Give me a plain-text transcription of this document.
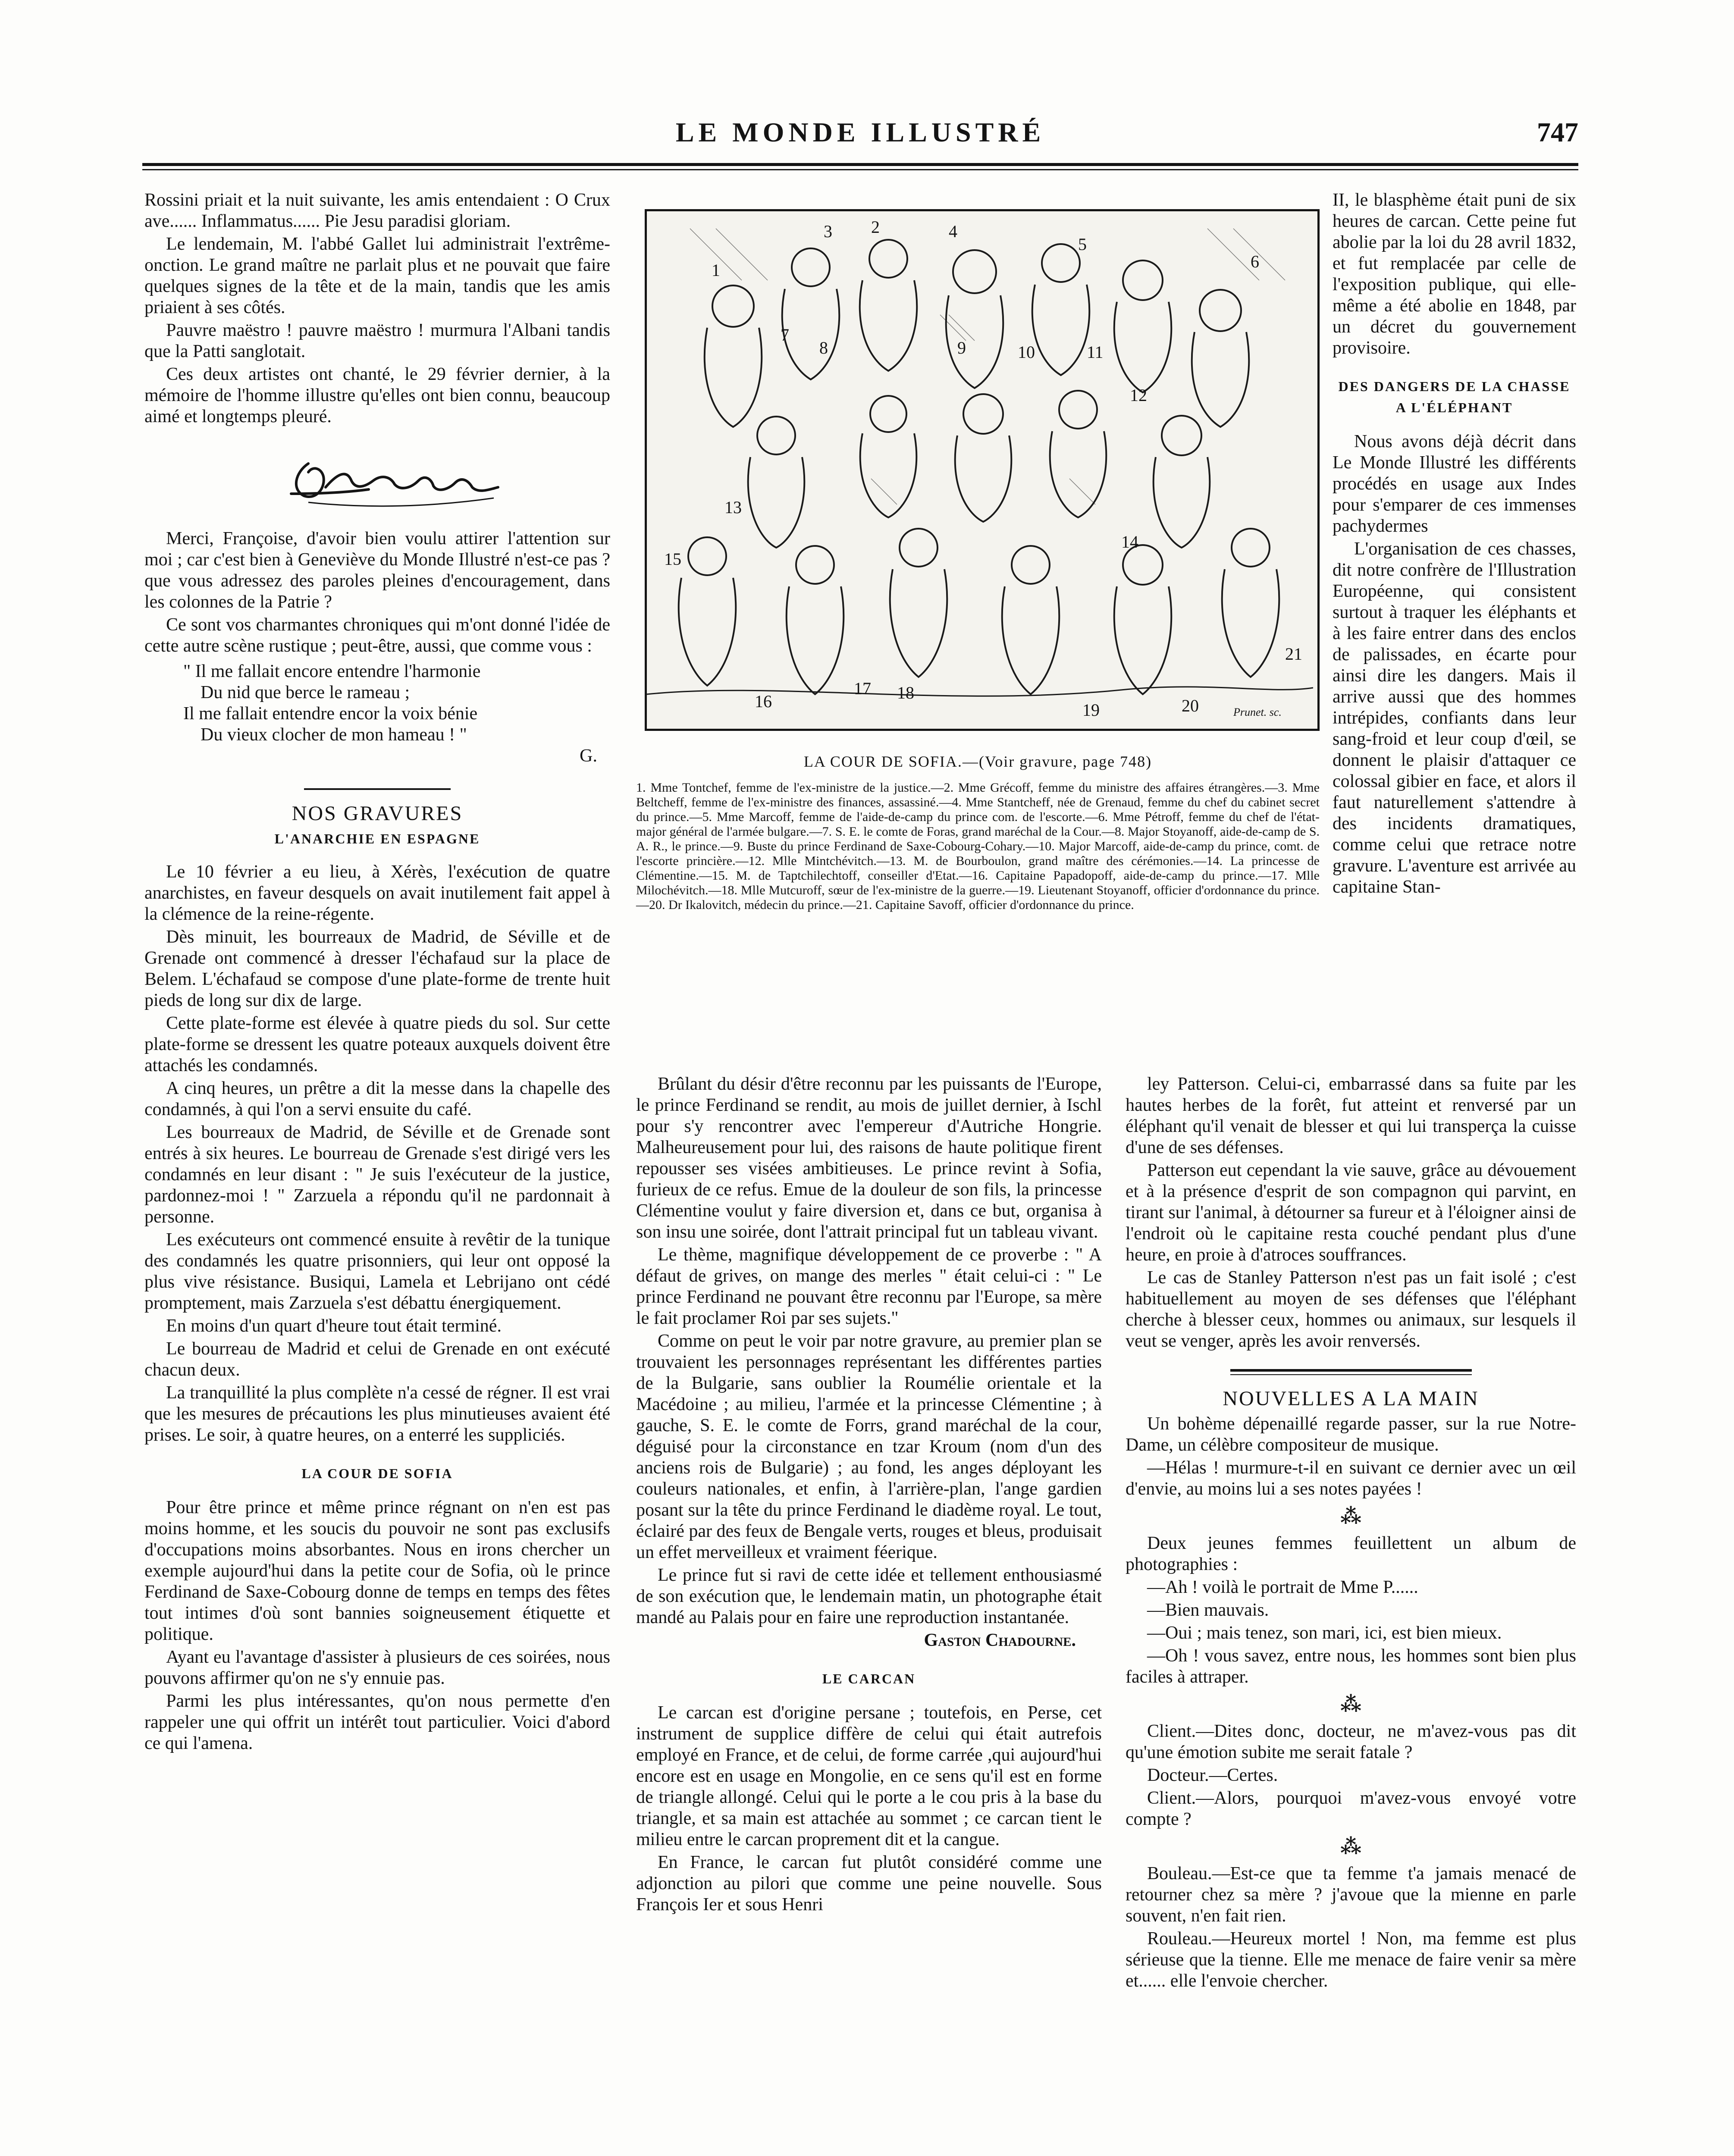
LE MONDE ILLUSTRÉ	747

Rossini priait et la nuit suivante, les amis entendaient : O Crux ave...... Inflammatus...... Pie Jesu paradisi gloriam.

Le lendemain, M. l'abbé Gallet lui administrait l'extrême-onction. Le grand maître ne parlait plus et ne pouvait que faire quelques signes de la tête et de la main, tandis que les amis priaient à ses côtés.

Pauvre maëstro ! pauvre maëstro ! murmura l'Albani tandis que la Patti sanglotait.

Ces deux artistes ont chanté, le 29 février dernier, à la mémoire de l'homme illustre qu'elles ont bien connu, beaucoup aimé et longtemps pleuré.

Merci, Françoise, d'avoir bien voulu attirer l'attention sur moi ; car c'est bien à Geneviève du Monde Illustré n'est-ce pas ? que vous adressez des paroles pleines d'encouragement, dans les colonnes de la Patrie ?

Ce sont vos charmantes chroniques qui m'ont donné l'idée de cette autre scène rustique ; peut-être, aussi, que comme vous :

" Il me fallait encore entendre l'harmonie
Du nid que berce le rameau ;
Il me fallait entendre encor la voix bénie
Du vieux clocher de mon hameau ! "
G.
NOS GRAVURES
L'ANARCHIE EN ESPAGNE

Le 10 février a eu lieu, à Xérès, l'exécution de quatre anarchistes, en faveur desquels on avait inutilement fait appel à la clémence de la reine-régente.

Dès minuit, les bourreaux de Madrid, de Séville et de Grenade ont commencé à dresser l'échafaud sur la place de Belem. L'échafaud se compose d'une plate-forme de trente huit pieds de long sur dix de large.

Cette plate-forme est élevée à quatre pieds du sol. Sur cette plate-forme se dressent les quatre poteaux auxquels doivent être attachés les condamnés.

A cinq heures, un prêtre a dit la messe dans la chapelle des condamnés, à qui l'on a servi ensuite du café.

Les bourreaux de Madrid, de Séville et de Grenade sont entrés à six heures. Le bourreau de Grenade s'est dirigé vers les condamnés en leur disant : " Je suis l'exécuteur de la justice, pardonnez-moi ! " Zarzuela a répondu qu'il ne pardonnait à personne.

Les exécuteurs ont commencé ensuite à revêtir de la tunique des condamnés les quatre prisonniers, qui leur ont opposé la plus vive résistance. Busiqui, Lamela et Lebrijano ont cédé promptement, mais Zarzuela s'est débattu énergiquement.

En moins d'un quart d'heure tout était terminé.

Le bourreau de Madrid et celui de Grenade en ont exécuté chacun deux.

La tranquillité la plus complète n'a cessé de régner. Il est vrai que les mesures de précautions les plus minutieuses avaient été prises. Le soir, à quatre heures, on a enterré les suppliciés.

LA COUR DE SOFIA

Pour être prince et même prince régnant on n'en est pas moins homme, et les soucis du pouvoir ne sont pas exclusifs d'occupations moins absorbantes. Nous en irons chercher un exemple aujourd'hui dans la petite cour de Sofia, où le prince Ferdinand de Saxe-Cobourg donne de temps en temps des fêtes tout intimes d'où sont bannies soigneusement étiquette et politique.

Ayant eu l'avantage d'assister à plusieurs de ces soirées, nous pouvons affirmer qu'on ne s'y ennuie pas.

Parmi les plus intéressantes, qu'on nous permette d'en rappeler une qui offrit un intérêt tout particulier. Voici d'abord ce qui l'amena.

3 2
1
4
5
6
7
8	9	10	11
12
13
14
15
16
17 18
19	20
21
Prunet. sc.
LA COUR DE SOFIA.—(Voir gravure, page 748)
1. Mme Tontchef, femme de l'ex-ministre de la justice.—2. Mme Grécoff, femme du ministre des affaires étrangères.—3. Mme Beltcheff, femme de l'ex-ministre des finances, assassiné.—4. Mme Stantcheff, née de Grenaud, femme du chef du cabinet secret du prince.—5. Mme Marcoff, femme de l'aide-de-camp du prince com. de l'escorte.—6. Mme Pétroff, femme du chef de l'état-major général de l'armée bulgare.—7. S. E. le comte de Foras, grand maréchal de la Cour.—8. Major Stoyanoff, aide-de-camp de S. A. R., le prince.—9. Buste du prince Ferdinand de Saxe-Cobourg-Cohary.—10. Major Marcoff, aide-de-camp du prince, comt. de l'escorte princière.—12. Mlle Mintchévitch.—13. M. de Bourboulon, grand maître des cérémonies.—14. La princesse de Clémentine.—15. M. de Taptchilechtoff, conseiller d'Etat.—16. Capitaine Papadopoff, aide-de-camp du prince.—17. Mlle Milochévitch.—18. Mlle Mutcuroff, sœur de l'ex-ministre de la guerre.—19. Lieutenant Stoyanoff, officier d'ordonnance du prince.—20. Dr Ikalovitch, médecin du prince.—21. Capitaine Savoff, officier d'ordonnance du prince.

Brûlant du désir d'être reconnu par les puissants de l'Europe, le prince Ferdinand se rendit, au mois de juillet dernier, à Ischl pour s'y rencontrer avec l'empereur d'Autriche Hongrie. Malheureusement pour lui, des raisons de haute politique firent repousser ses visées ambitieuses. Le prince revint à Sofia, furieux de ce refus. Emue de la douleur de son fils, la princesse Clémentine voulut y faire diversion et, dans ce but, organisa à son insu une soirée, dont l'attrait principal fut un tableau vivant.

Le thème, magnifique développement de ce proverbe : " A défaut de grives, on mange des merles " était celui-ci : " Le prince Ferdinand ne pouvant être reconnu par l'Europe, sa mère le fait proclamer Roi par ses sujets."

Comme on peut le voir par notre gravure, au premier plan se trouvaient les personnages représentant les différentes parties de la Bulgarie, sans oublier la Roumélie orientale et la Macédoine ; au milieu, l'armée et la princesse Clémentine ; à gauche, S. E. le comte de Forrs, grand maréchal de la cour, déguisé pour la circonstance en tzar Kroum (nom d'un des anciens rois de Bulgarie) ; au fond, les anges déployant les couleurs nationales, et enfin, à l'arrière-plan, l'ange gardien posant sur la tête du prince Ferdinand le diadème royal. Le tout, éclairé par des feux de Bengale verts, rouges et bleus, produisait un effet merveilleux et vraiment féerique.

Le prince fut si ravi de cette idée et tellement enthousiasmé de son exécution que, le lendemain matin, un photographe était mandé au Palais pour en faire une reproduction instantanée.

Gaston Chadourne.
LE CARCAN

Le carcan est d'origine persane ; toutefois, en Perse, cet instrument de supplice diffère de celui qui était autrefois employé en France, et de celui, de forme carrée ,qui aujourd'hui encore est en usage en Mongolie, en ce sens qu'il est en forme de triangle allongé. Celui qui le porte a le cou pris à la base du triangle, et sa main est attachée au sommet ; ce carcan tient le milieu entre le carcan proprement dit et la cangue.

En France, le carcan fut plutôt considéré comme une adjonction au pilori que comme une peine nouvelle. Sous François Ier et sous Henri

II, le blasphème était puni de six heures de carcan. Cette peine fut abolie par la loi du 28 avril 1832, et fut remplacée par celle de l'exposition publique, qui elle-même a été abolie en 1848, par un décret du gouvernement provisoire.

DES DANGERS DE LA CHASSE A L'ÉLÉPHANT

Nous avons déjà décrit dans Le Monde Illustré les différents procédés en usage aux Indes pour s'emparer de ces immenses pachydermes

L'organisation de ces chasses, dit notre confrère de l'Illustration Européenne, qui consistent surtout à traquer les éléphants et à les faire entrer dans des enclos de palissades, en écarte pour ainsi dire les dangers. Mais il arrive aussi que des hommes intrépides, confiants dans leur sang-froid et leur coup d'œil, se donnent le plaisir d'attaquer ce colossal gibier en face, et alors il faut naturellement s'attendre à des incidents dramatiques, comme celui que retrace notre gravure. L'aventure est arrivée au capitaine Stan-

ley Patterson. Celui-ci, embarrassé dans sa fuite par les hautes herbes de la forêt, fut atteint et renversé par un éléphant qu'il venait de blesser et qui lui transperça la cuisse d'une de ses défenses.

Patterson eut cependant la vie sauve, grâce au dévouement et à la présence d'esprit de son compagnon qui parvint, en tirant sur l'animal, à détourner sa fureur et à l'éloigner ainsi de l'endroit où le capitaine resta couché pendant plus d'une heure, en proie à d'atroces souffrances.

Le cas de Stanley Patterson n'est pas un fait isolé ; c'est habituellement au moyen de ses défenses que l'éléphant cherche à blesser ceux, hommes ou animaux, sur lesquels il veut se venger, après les avoir renversés.

NOUVELLES A LA MAIN

Un bohème dépenaillé regarde passer, sur la rue Notre-Dame, un célèbre compositeur de musique.

—Hélas ! murmure-t-il en suivant ce dernier avec un œil d'envie, au moins lui a ses notes payées !

⁂

Deux jeunes femmes feuillettent un album de photographies :

—Ah ! voilà le portrait de Mme P......

—Bien mauvais.

—Oui ; mais tenez, son mari, ici, est bien mieux.

—Oh ! vous savez, entre nous, les hommes sont bien plus faciles à attraper.

⁂

Client.—Dites donc, docteur, ne m'avez-vous pas dit qu'une émotion subite me serait fatale ?

Docteur.—Certes.

Client.—Alors, pourquoi m'avez-vous envoyé votre compte ?

⁂

Bouleau.—Est-ce que ta femme t'a jamais menacé de retourner chez sa mère ? j'avoue que la mienne en parle souvent, n'en fait rien.

Rouleau.—Heureux mortel ! Non, ma femme est plus sérieuse que la tienne. Elle me menace de faire venir sa mère et...... elle l'envoie chercher.
